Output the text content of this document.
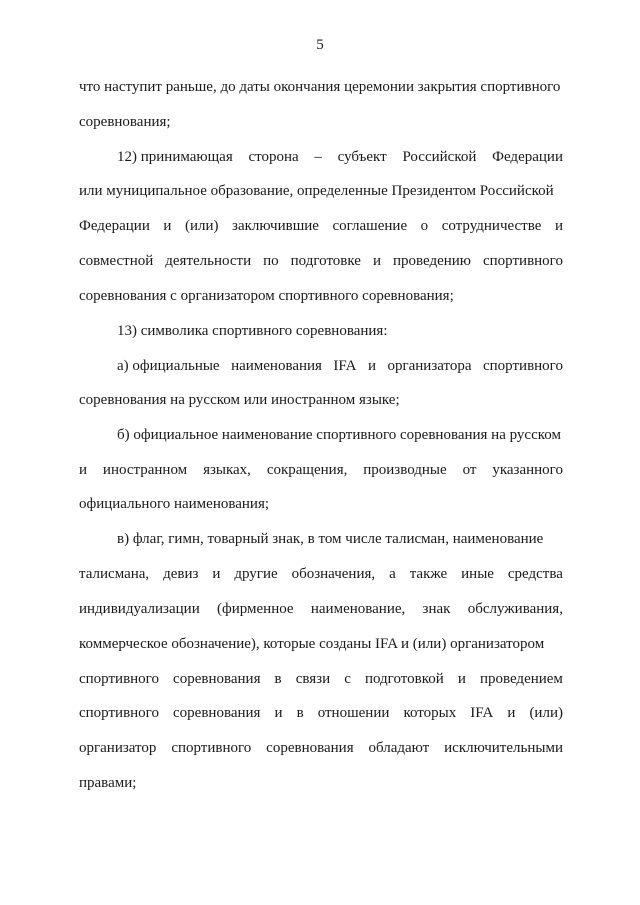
5
что наступит раньше, до даты окончания церемонии закрытия спортивного
соревнования;
12) принимающая сторона – субъект Российской Федерации
или муниципальное образование, определенные Президентом Российской
Федерации и (или) заключившие соглашение о сотрудничестве и
совместной деятельности по подготовке и проведению спортивного
соревнования с организатором спортивного соревнования;
13) символика спортивного соревнования:
а) официальные наименования IFA и организатора спортивного
соревнования на русском или иностранном языке;
б) официальное наименование спортивного соревнования на русском
и иностранном языках, сокращения, производные от указанного
официального наименования;
в) флаг, гимн, товарный знак, в том числе талисман, наименование
талисмана, девиз и другие обозначения, а также иные средства
индивидуализации (фирменное наименование, знак обслуживания,
коммерческое обозначение), которые созданы IFA и (или) организатором
спортивного соревнования в связи с подготовкой и проведением
спортивного соревнования и в отношении которых IFA и (или)
организатор спортивного соревнования обладают исключительными
правами;
